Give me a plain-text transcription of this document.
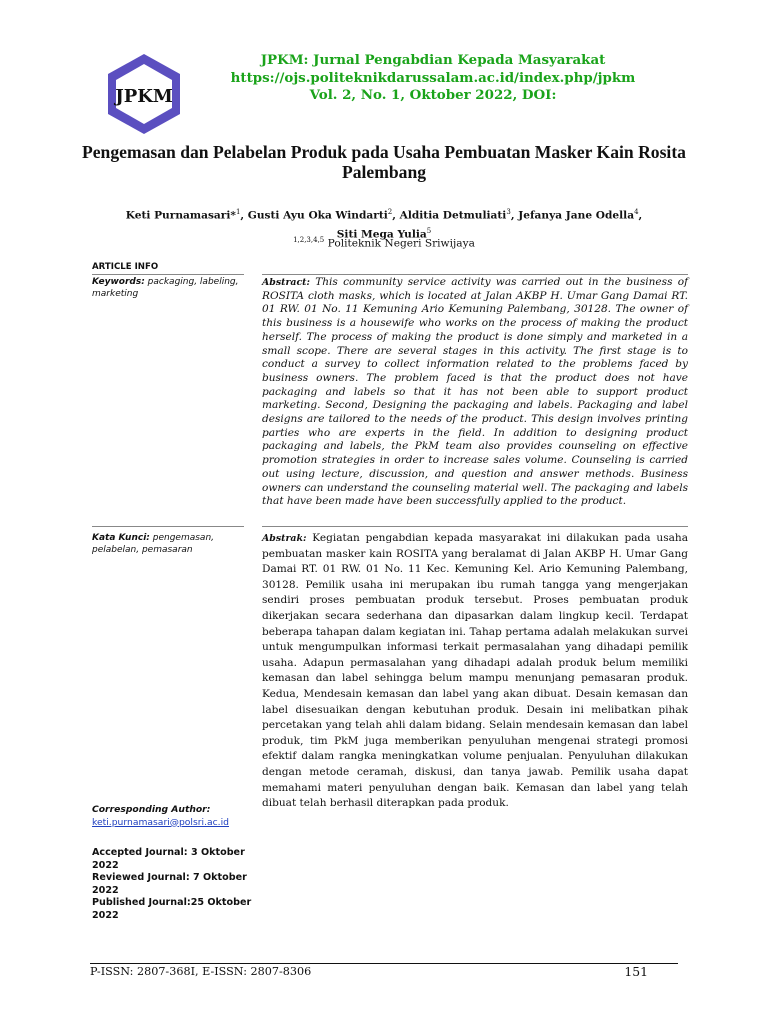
JPKM
JPKM: Jurnal Pengabdian Kepada Masyarakat
https://ojs.politeknikdarussalam.ac.id/index.php/jpkm
Vol. 2, No. 1, Oktober 2022, DOI:
Pengemasan dan Pelabelan Produk pada Usaha Pembuatan Masker Kain Rosita Palembang
Keti Purnamasari*$^1$, Gusti Ayu Oka Windarti$^2$, Alditia Detmuliati$^3$, Jefanya Jane Odella$^4$,
Siti Mega Yulia$^5$
$^{1,2,3,4,5}$ Politeknik Negeri Sriwijaya
ARTICLE INFO
Keywords: packaging, labeling, marketing
Abstract: This community service activity was carried out in the business of ROSITA cloth masks, which is located at Jalan AKBP H. Umar Gang Damai RT. 01 RW. 01 No. 11 Kemuning Ario Kemuning Palembang, 30128. The owner of this business is a housewife who works on the process of making the product herself. The process of making the product is done simply and marketed in a small scope. There are several stages in this activity. The first stage is to conduct a survey to collect information related to the problems faced by business owners. The problem faced is that the product does not have packaging and labels so that it has not been able to support product marketing. Second, Designing the packaging and labels. Packaging and label designs are tailored to the needs of the product. This design involves printing parties who are experts in the field. In addition to designing product packaging and labels, the PkM team also provides counseling on effective promotion strategies in order to increase sales volume. Counseling is carried out using lecture, discussion, and question and answer methods. Business owners can understand the counseling material well. The packaging and labels that have been made have been successfully applied to the product.
Kata Kunci: pengemasan, pelabelan, pemasaran
Abstrak: Kegiatan pengabdian kepada masyarakat ini dilakukan pada usaha pembuatan masker kain ROSITA yang beralamat di Jalan AKBP H. Umar Gang Damai RT. 01 RW. 01 No. 11 Kec. Kemuning Kel. Ario Kemuning Palembang, 30128. Pemilik usaha ini merupakan ibu rumah tangga yang mengerjakan sendiri proses pembuatan produk tersebut. Proses pembuatan produk dikerjakan secara sederhana dan dipasarkan dalam lingkup kecil. Terdapat beberapa tahapan dalam kegiatan ini. Tahap pertama adalah melakukan survei untuk mengumpulkan informasi terkait permasalahan yang dihadapi pemilik usaha. Adapun permasalahan yang dihadapi adalah produk belum memiliki kemasan dan label sehingga belum mampu menunjang pemasaran produk. Kedua, Mendesain kemasan dan label yang akan dibuat. Desain kemasan dan label disesuaikan dengan kebutuhan produk. Desain ini melibatkan pihak percetakan yang telah ahli dalam bidang. Selain mendesain kemasan dan label produk, tim PkM juga memberikan penyuluhan mengenai strategi promosi efektif dalam rangka meningkatkan volume penjualan. Penyuluhan dilakukan dengan metode ceramah, diskusi, dan tanya jawab. Pemilik usaha dapat memahami materi penyuluhan dengan baik. Kemasan dan label yang telah dibuat telah berhasil diterapkan pada produk.
Corresponding Author:
keti.purnamasari@polsri.ac.id
Accepted Journal: 3 Oktober 2022
Reviewed Journal: 7 Oktober 2022
Published Journal:25 Oktober 2022
P-ISSN: 2807-368I, E-ISSN: 2807-8306	151
